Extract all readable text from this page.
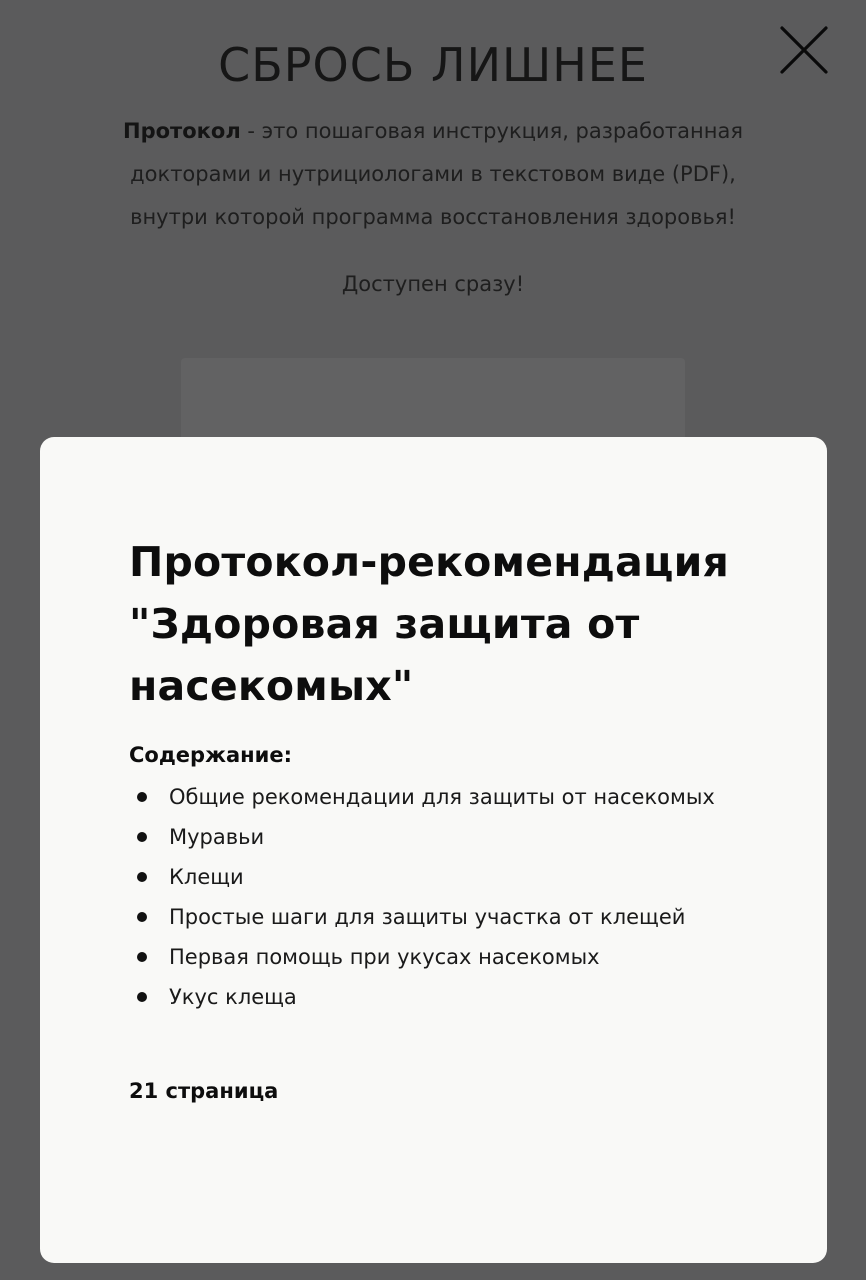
СБРОСЬ ЛИШНЕЕ
Протокол - это пошаговая инструкция, разработанная
докторами и нутрициологами в текстовом виде (PDF),
внутри которой программа восстановления здоровья!
Доступен сразу!
Протокол-рекомендация "Здоровая защита от насекомых"
Содержание:
Общие рекомендации для защиты от насекомых
Муравьи
Клещи
Простые шаги для защиты участка от клещей
Первая помощь при укусах насекомых
Укус клеща
21 страница
